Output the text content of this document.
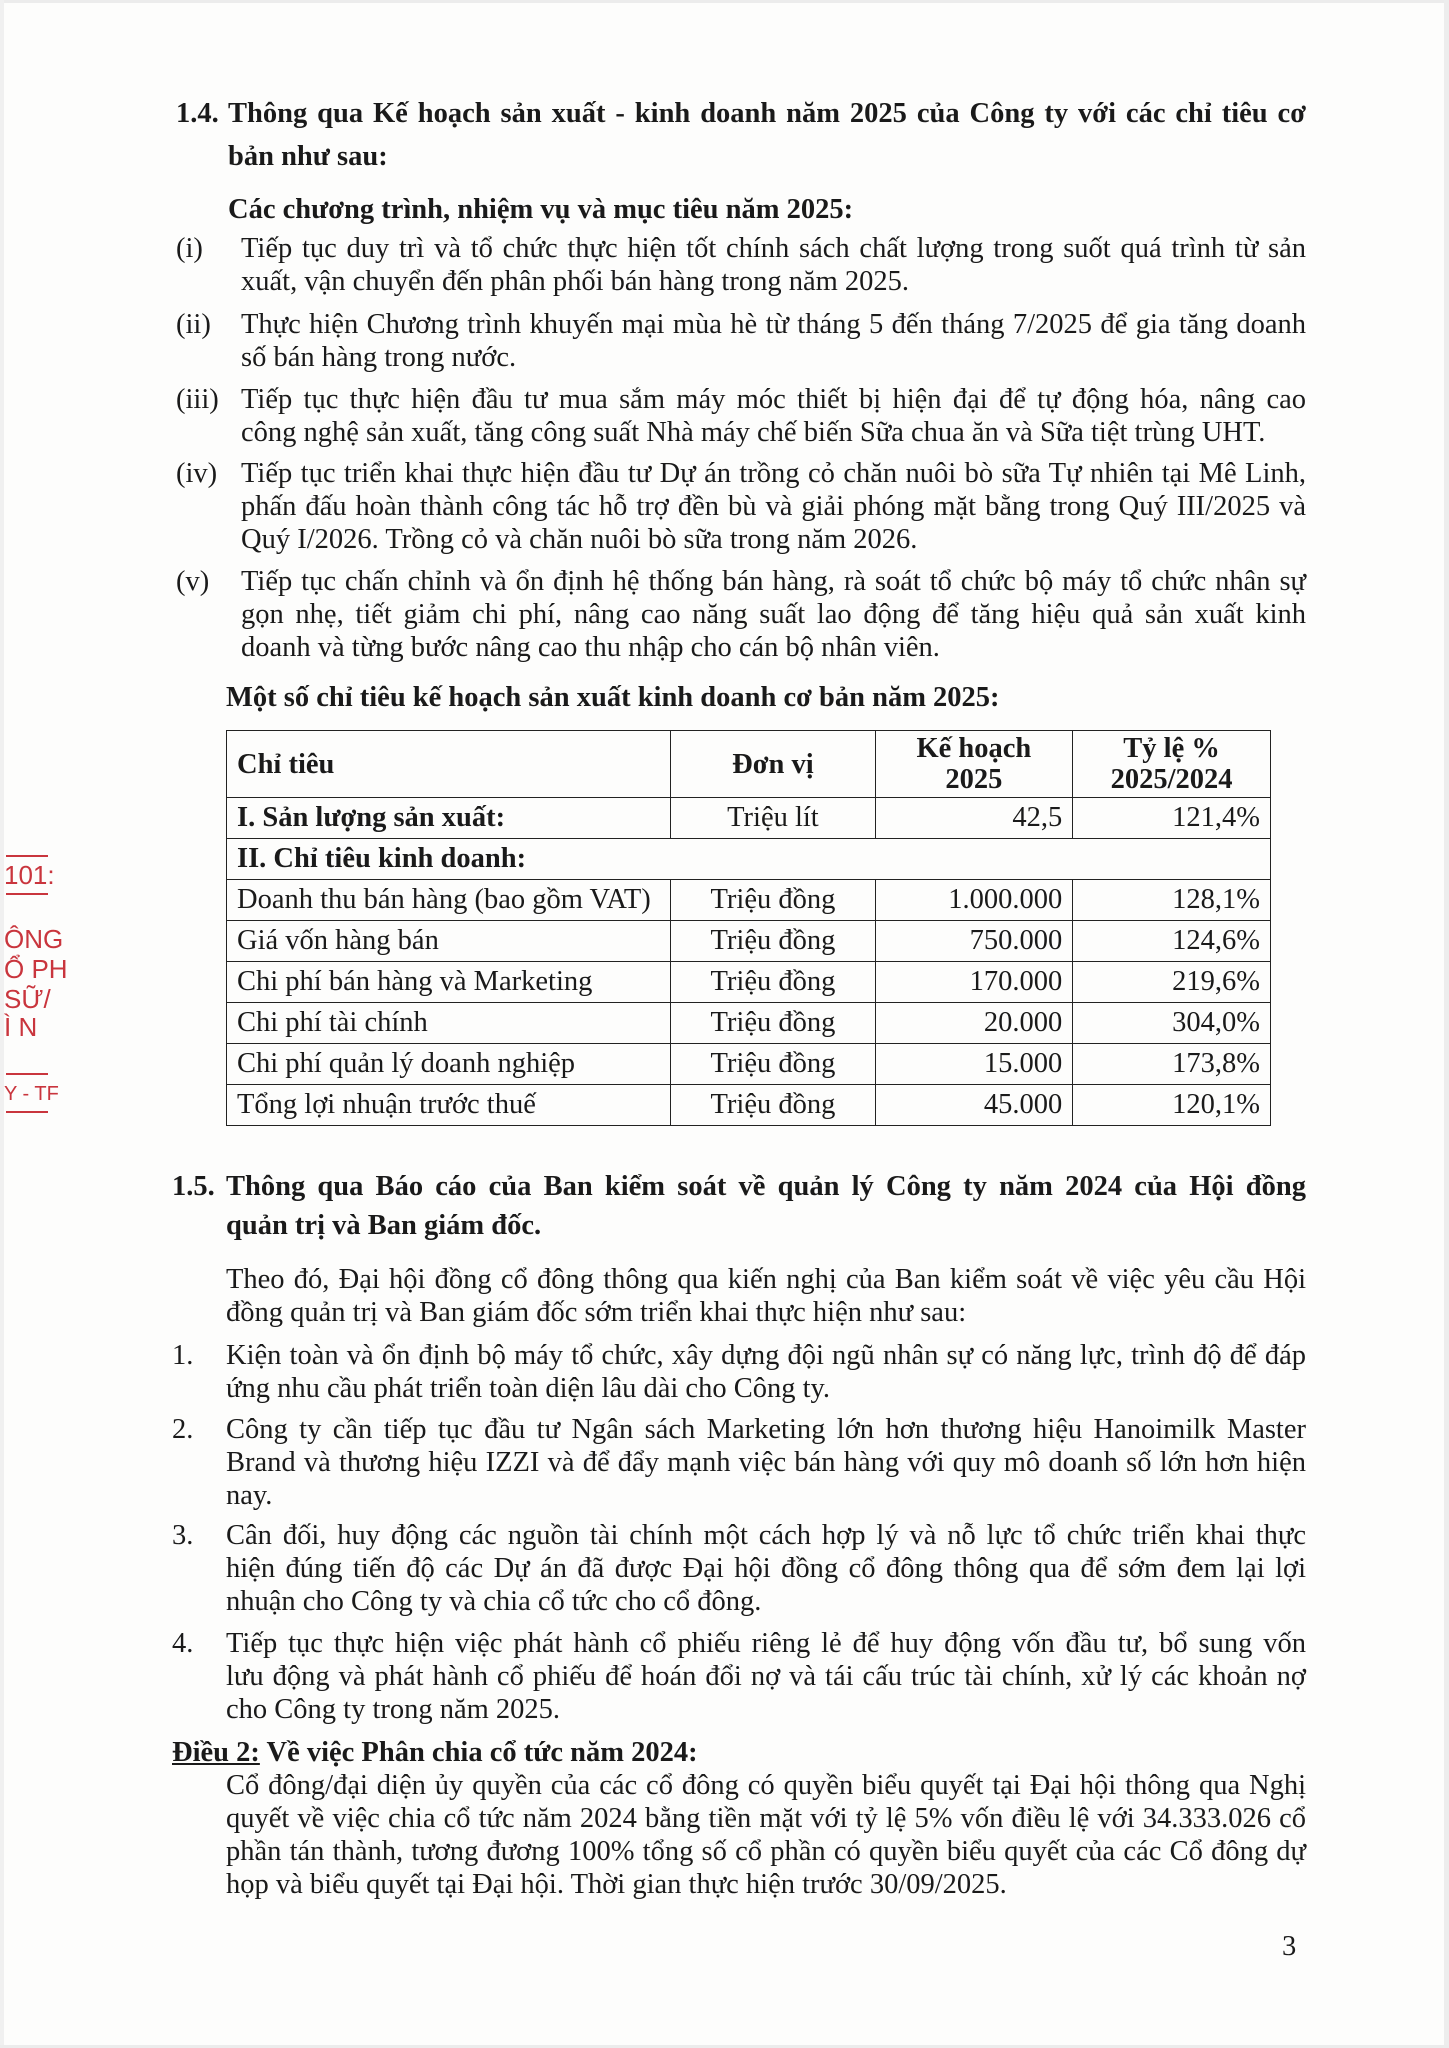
1.4. Thông qua Kế hoạch sản xuất - kinh doanh năm 2025 của Công ty với các chỉ tiêu cơ
bản như sau:
Các chương trình, nhiệm vụ và mục tiêu năm 2025:
(i) Tiếp tục duy trì và tổ chức thực hiện tốt chính sách chất lượng trong suốt quá trình từ sản
xuất, vận chuyển đến phân phối bán hàng trong năm 2025.
(ii) Thực hiện Chương trình khuyến mại mùa hè từ tháng 5 đến tháng 7/2025 để gia tăng doanh
số bán hàng trong nước.
(iii) Tiếp tục thực hiện đầu tư mua sắm máy móc thiết bị hiện đại để tự động hóa, nâng cao
công nghệ sản xuất, tăng công suất Nhà máy chế biến Sữa chua ăn và Sữa tiệt trùng UHT.
(iv) Tiếp tục triển khai thực hiện đầu tư Dự án trồng cỏ chăn nuôi bò sữa Tự nhiên tại Mê Linh,
phấn đấu hoàn thành công tác hỗ trợ đền bù và giải phóng mặt bằng trong Quý III/2025 và
Quý I/2026. Trồng cỏ và chăn nuôi bò sữa trong năm 2026.
(v) Tiếp tục chấn chỉnh và ổn định hệ thống bán hàng, rà soát tổ chức bộ máy tổ chức nhân sự
gọn nhẹ, tiết giảm chi phí, nâng cao năng suất lao động để tăng hiệu quả sản xuất kinh
doanh và từng bước nâng cao thu nhập cho cán bộ nhân viên.
Một số chỉ tiêu kế hoạch sản xuất kinh doanh cơ bản năm 2025:
Chỉ tiêu	Đơn vị	Kế hoạch 2025	Tỷ lệ % 2025/2024
I. Sản lượng sản xuất:	Triệu lít	42,5	121,4%
II. Chỉ tiêu kinh doanh:			
Doanh thu bán hàng (bao gồm VAT)	Triệu đồng	1.000.000	128,1%
Giá vốn hàng bán	Triệu đồng	750.000	124,6%
Chi phí bán hàng và Marketing	Triệu đồng	170.000	219,6%
Chi phí tài chính	Triệu đồng	20.000	304,0%
Chi phí quản lý doanh nghiệp	Triệu đồng	15.000	173,8%
Tổng lợi nhuận trước thuế	Triệu đồng	45.000	120,1%
1.5. Thông qua Báo cáo của Ban kiểm soát về quản lý Công ty năm 2024 của Hội đồng
quản trị và Ban giám đốc.
Theo đó, Đại hội đồng cổ đông thông qua kiến nghị của Ban kiểm soát về việc yêu cầu Hội
đồng quản trị và Ban giám đốc sớm triển khai thực hiện như sau:
1. Kiện toàn và ổn định bộ máy tổ chức, xây dựng đội ngũ nhân sự có năng lực, trình độ để đáp
ứng nhu cầu phát triển toàn diện lâu dài cho Công ty.
2. Công ty cần tiếp tục đầu tư Ngân sách Marketing lớn hơn thương hiệu Hanoimilk Master
Brand và thương hiệu IZZI và để đẩy mạnh việc bán hàng với quy mô doanh số lớn hơn hiện
nay.
3. Cân đối, huy động các nguồn tài chính một cách hợp lý và nỗ lực tổ chức triển khai thực
hiện đúng tiến độ các Dự án đã được Đại hội đồng cổ đông thông qua để sớm đem lại lợi
nhuận cho Công ty và chia cổ tức cho cổ đông.
4. Tiếp tục thực hiện việc phát hành cổ phiếu riêng lẻ để huy động vốn đầu tư, bổ sung vốn
lưu động và phát hành cổ phiếu để hoán đổi nợ và tái cấu trúc tài chính, xử lý các khoản nợ
cho Công ty trong năm 2025.
Điều 2: Về việc Phân chia cổ tức năm 2024:
Cổ đông/đại diện ủy quyền của các cổ đông có quyền biểu quyết tại Đại hội thông qua Nghị
quyết về việc chia cổ tức năm 2024 bằng tiền mặt với tỷ lệ 5% vốn điều lệ với 34.333.026 cổ
phần tán thành, tương đương 100% tổng số cổ phần có quyền biểu quyết của các Cổ đông dự
họp và biểu quyết tại Đại hội. Thời gian thực hiện trước 30/09/2025.
3
101:
ÔNG
Ổ PH
SỮ/
Ì N
Y - TF
